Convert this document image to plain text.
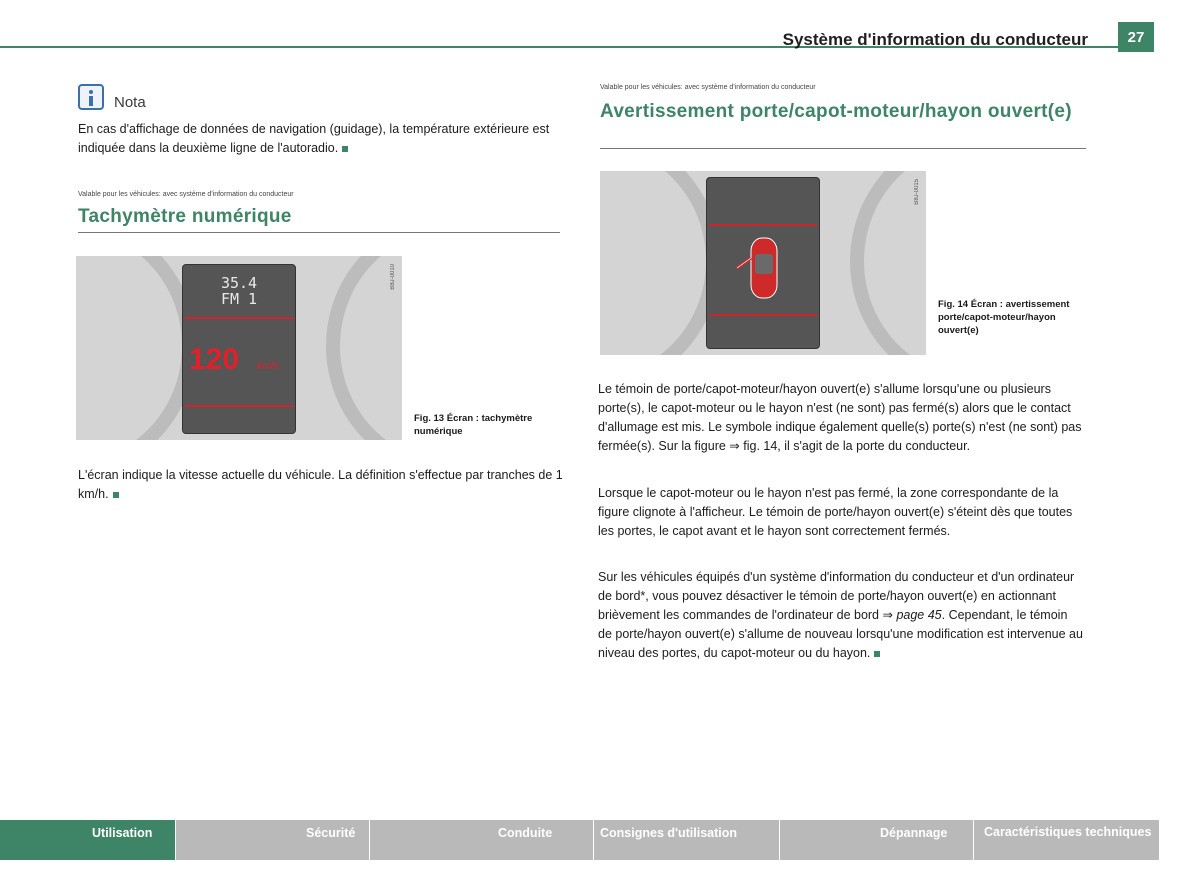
Système d'information du conducteur	27
Nota
En cas d'affichage de données de navigation (guidage), la température extérieure est indiquée dans la deuxième ligne de l'autoradio.
Valable pour les véhicules: avec système d'information du conducteur
Tachymètre numérique
35.4
FM 1
120 km/h
B8J-0010
Fig. 13 Écran : tachymètre numérique
L'écran indique la vitesse actuelle du véhicule. La définition s'effectue par tranches de 1 km/h.
Valable pour les véhicules: avec système d'information du conducteur
Avertissement porte/capot-moteur/hayon ouvert(e)
B8J-0015
Fig. 14 Écran : avertissement porte/capot-moteur/hayon ouvert(e)
Le témoin de porte/capot-moteur/hayon ouvert(e) s'allume lorsqu'une ou plusieurs porte(s), le capot-moteur ou le hayon n'est (ne sont) pas fermé(s) alors que le contact d'allumage est mis. Le symbole indique également quelle(s) porte(s) n'est (ne sont) pas fermée(s). Sur la figure ⇒ fig. 14, il s'agit de la porte du conducteur.
Lorsque le capot-moteur ou le hayon n'est pas fermé, la zone correspondante de la figure clignote à l'afficheur. Le témoin de porte/hayon ouvert(e) s'éteint dès que toutes les portes, le capot avant et le hayon sont correctement fermés.
Sur les véhicules équipés d'un système d'information du conducteur et d'un ordinateur de bord*, vous pouvez désactiver le témoin de porte/hayon ouvert(e) en actionnant brièvement les commandes de l'ordinateur de bord ⇒ page 45. Cependant, le témoin de porte/hayon ouvert(e) s'allume de nouveau lorsqu'une modification est intervenue au niveau des portes, du capot-moteur ou du hayon.
Utilisation	Sécurité	Conduite	Consignes d'utilisation	Dépannage	Caractéristiques techniques
